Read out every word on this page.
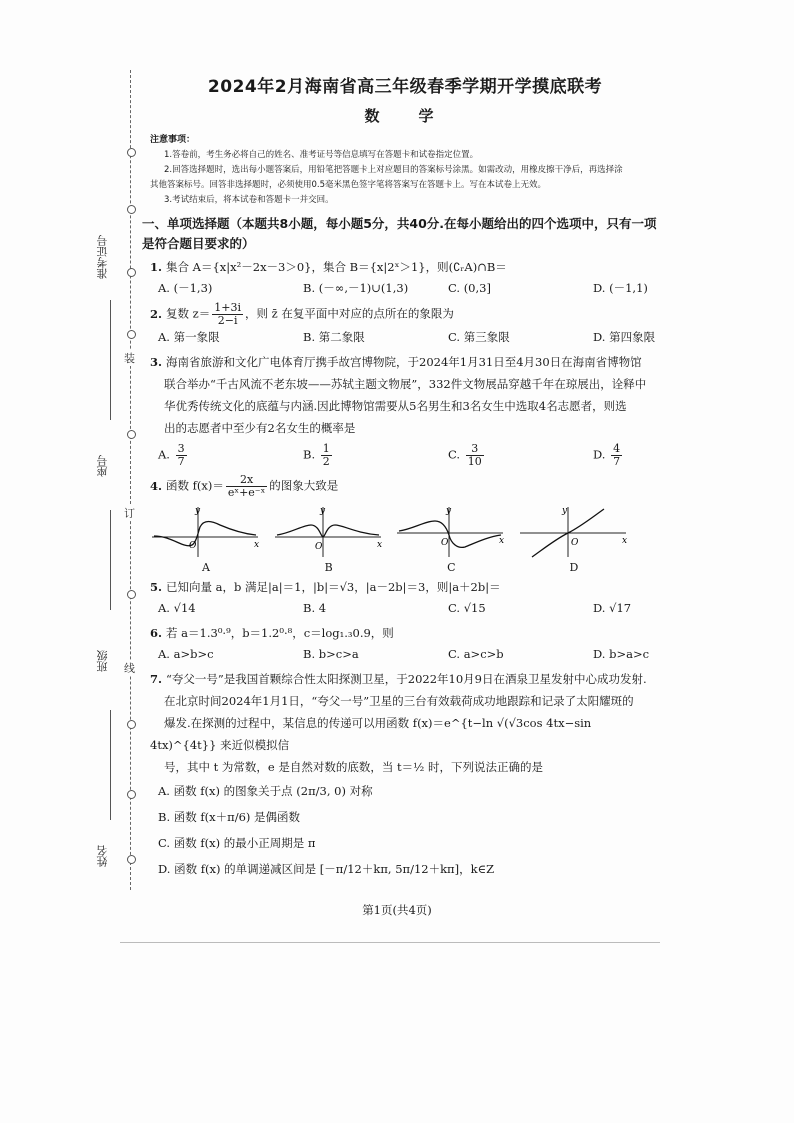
装
订
线
准考证号
座号
班级
姓名
2024年2月海南省高三年级春季学期开学摸底联考
数　学
注意事项：

1.答卷前，考生务必将自己的姓名、准考证号等信息填写在答题卡和试卷指定位置。

2.回答选择题时，选出每小题答案后，用铅笔把答题卡上对应题目的答案标号涂黑。如需改动，用橡皮擦干净后，再选择涂

其他答案标号。回答非选择题时，必须使用0.5毫米黑色签字笔将答案写在答题卡上。写在本试卷上无效。

3.考试结束后，将本试卷和答题卡一并交回。

一、单项选择题（本题共8小题，每小题5分，共40分.在每小题给出的四个选项中，只有一项
是符合题目要求的）

1. 集合 A＝{x|x²－2x－3＞0}，集合 B＝{x|2ˣ＞1}，则(∁ᵣA)∩B＝

A. (－1,3)	B. (－∞,－1)∪(1,3)	C. (0,3]	D. (－1,1)

2. 复数 $z= \frac{1+3i}{2-i}$ ，则 z̄ 在复平面中对应的点所在的象限为

A. 第一象限	B. 第二象限	C. 第三象限	D. 第四象限

3. 海南省旅游和文化广电体育厅携手故宫博物院，于2024年1月31日至4月30日在海南省博物馆
联合举办“千古风流不老东坡——苏轼主题文物展”，332件文物展品穿越千年在琼展出，诠释中
华优秀传统文化的底蕴与内涵.因此博物馆需要从5名男生和3名女生中选取4名志愿者，则选
出的志愿者中至少有2名女生的概率是

A. $\frac{3}{7}$	B. $\frac{1}{2}$	C. $\frac{3}{10}$	D. $\frac{4}{7}$

4. 函数 $f(x)= \frac{2x}{\text{eˣ+e⁻ˣ}}$ 的图象大致是

y
x
O
A
y
x
O
B
y
x
O
C
y
x
O
D

5. 已知向量 a，b 满足|a|＝1，|b|＝√3，|a－2b|＝3，则|a＋2b|＝

A. √14	B. 4	C. √15	D. √17

6. 若 a＝1.3⁰·⁹，b＝1.2⁰·⁸，c＝log₁.₃0.9，则

A. a>b>c	B. b>c>a	C. a>c>b	D. b>a>c

7. “夸父一号”是我国首颗综合性太阳探测卫星，于2022年10月9日在酒泉卫星发射中心成功发射.
在北京时间2024年1月1日，“夸父一号”卫星的三台有效载荷成功地跟踪和记录了太阳耀斑的
爆发.在探测的过程中，某信息的传递可以用函数 f(x)＝e^{t−ln √(√3cos 4tx−sin 4tx)^{4t}} 来近似模拟信
号，其中 t 为常数，e 是自然对数的底数，当 t＝½ 时，下列说法正确的是

A. 函数 f(x) 的图象关于点 (2π/3, 0) 对称

B. 函数 f(x＋π/6) 是偶函数

C. 函数 f(x) 的最小正周期是 π

D. 函数 f(x) 的单调递减区间是 [－π/12＋kπ, 5π/12＋kπ]，k∈Z

第1页(共4页)
